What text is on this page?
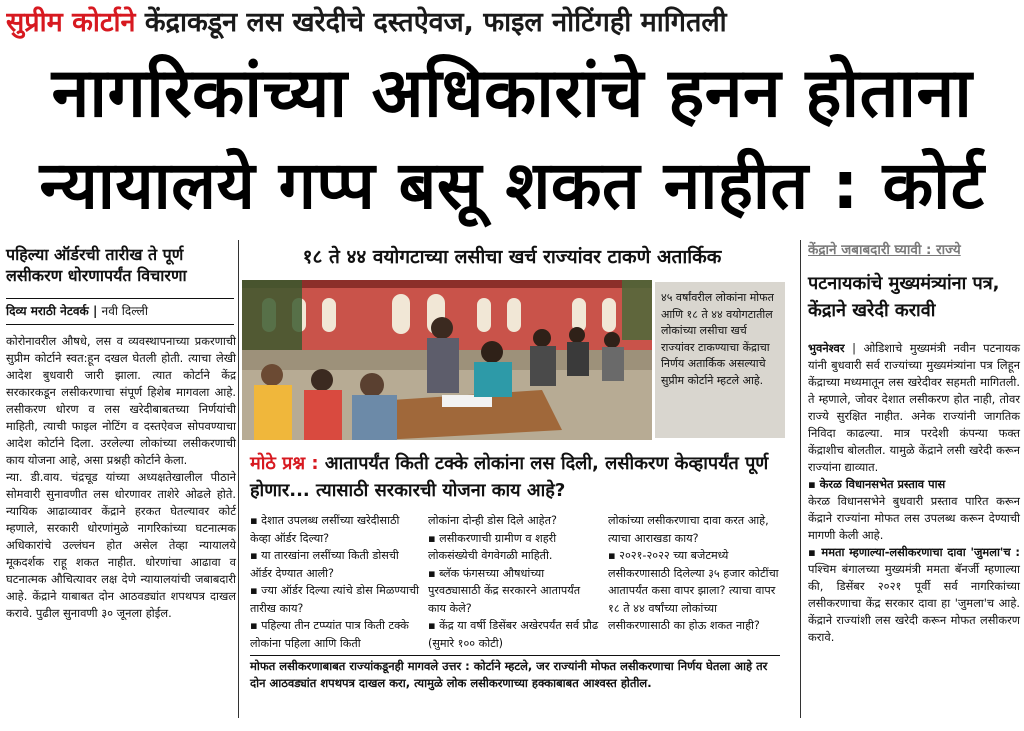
सुप्रीम कोर्टाने केंद्राकडून लस खरेदीचे दस्तऐवज, फाइल नोटिंगही मागितली
नागरिकांच्या अधिकारांचे हनन होताना
न्यायालये गप्प बसू शकत नाहीत : कोर्ट
पहिल्या ऑर्डरची तारीख ते पूर्ण लसीकरण धोरणापर्यंत विचारणा
दिव्य मराठी नेटवर्क | नवी दिल्ली

कोरोनावरील औषधे, लस व व्यवस्थापनाच्या प्रकरणाची सुप्रीम कोर्टाने स्वत:हून दखल घेतली होती. त्याचा लेखी आदेश बुधवारी जारी झाला. त्यात कोर्टाने केंद्र सरकारकडून लसीकरणाचा संपूर्ण हिशेब मागवला आहे. लसीकरण धोरण व लस खरेदीबाबतच्या निर्णयांची माहिती, त्याची फाइल नोटिंग व दस्तऐवज सोपवण्याचा आदेश कोर्टाने दिला. उरलेल्या लोकांच्या लसीकरणाची काय योजना आहे, असा प्रश्नही कोर्टाने केला.

न्या. डी.वाय. चंद्रचूड यांच्या अध्यक्षतेखालील पीठाने सोमवारी सुनावणीत लस धोरणावर ताशेरे ओढले होते. न्यायिक आढाव्यावर केंद्राने हरकत घेतल्यावर कोर्ट म्हणाले, सरकारी धोरणांमुळे नागरिकांच्या घटनात्मक अधिकारांचे उल्लंघन होत असेल तेव्हा न्यायालये मूकदर्शक राहू शकत नाहीत. धोरणांचा आढावा व घटनात्मक औचित्यावर लक्ष देणे न्यायालयांची जबाबदारी आहे. केंद्राने याबाबत दोन आठवड्यांत शपथपत्र दाखल करावे. पुढील सुनावणी ३० जूनला होईल.

१८ ते ४४ वयोगटाच्या लसीचा खर्च राज्यांवर टाकणे अतार्किक
४५ वर्षांवरील लोकांना मोफत आणि १८ ते ४४ वयोगटातील लोकांच्या लसीचा खर्च राज्यांवर टाकण्याचा केंद्राचा निर्णय अतार्किक असल्याचे सुप्रीम कोर्टाने म्हटले आहे.
मोठे प्रश्न : आतापर्यंत किती टक्के लोकांना लस दिली, लसीकरण केव्हापर्यंत पूर्ण होणार... त्यासाठी सरकारची योजना काय आहे?
▪ देशात उपलब्ध लसींच्या खरेदीसाठी केव्हा ऑर्डर दिल्या?
▪ या तारखांना लसींच्या किती डोसची ऑर्डर देण्यात आली?
▪ ज्या ऑर्डर दिल्या त्यांचे डोस मिळण्याची तारीख काय?
▪ पहिल्या तीन टप्प्यांत पात्र किती टक्के लोकांना पहिला आणि किती
लोकांना दोन्ही डोस दिले आहेत?
▪ लसीकरणाची ग्रामीण व शहरी लोकसंख्येची वेगवेगळी माहिती.
▪ ब्लॅक फंगसच्या औषधांच्या पुरवठ्यासाठी केंद्र सरकारने आतापर्यंत काय केले?
▪ केंद्र या वर्षी डिसेंबर अखेरपर्यंत सर्व प्रौढ (सुमारे १०० कोटी)
लोकांच्या लसीकरणाचा दावा करत आहे, त्याचा आराखडा काय?
▪ २०२१-२०२२ च्या बजेटमध्ये लसीकरणासाठी दिलेल्या ३५ हजार कोटींचा आतापर्यंत कसा वापर झाला? त्याचा वापर १८ ते ४४ वर्षांच्या लोकांच्या लसीकरणासाठी का होऊ शकत नाही?
मोफत लसीकरणाबाबत राज्यांकडूनही मागवले उत्तर : कोर्टाने म्हटले, जर राज्यांनी मोफत लसीकरणाचा निर्णय घेतला आहे तर दोन आठवड्यांत शपथपत्र दाखल करा, त्यामुळे लोक लसीकरणाच्या हक्काबाबत आश्वस्त होतील.
केंद्राने जबाबदारी घ्यावी : राज्ये
पटनायकांचे मुख्यमंत्र्यांना पत्र, केंद्राने खरेदी करावी

भुवनेश्वर | ओडिशाचे मुख्यमंत्री नवीन पटनायक यांनी बुधवारी सर्व राज्यांच्या मुख्यमंत्र्यांना पत्र लिहून केंद्राच्या मध्यमातून लस खरेदीवर सहमती मागितली. ते म्हणाले, जोवर देशात लसीकरण होत नाही, तोवर राज्ये सुरक्षित नाहीत. अनेक राज्यांनी जागतिक निविदा काढल्या. मात्र परदेशी कंपन्या फक्त केंद्राशीच बोलतील. यामुळे केंद्राने लसी खरेदी करून राज्यांना द्याव्यात.

▪ केरळ विधानसभेत प्रस्ताव पास

केरळ विधानसभेने बुधवारी प्रस्ताव पारित करून केंद्राने राज्यांना मोफत लस उपलब्ध करून देण्याची मागणी केली आहे.

▪ ममता म्हणाल्या-लसीकरणाचा दावा 'जुमला'च : पश्चिम बंगालच्या मुख्यमंत्री ममता बॅनर्जी म्हणाल्या की, डिसेंबर २०२१ पूर्वी सर्व नागरिकांच्या लसीकरणाचा केंद्र सरकार दावा हा 'जुमला'च आहे. केंद्राने राज्यांशी लस खरेदी करून मोफत लसीकरण करावे.
